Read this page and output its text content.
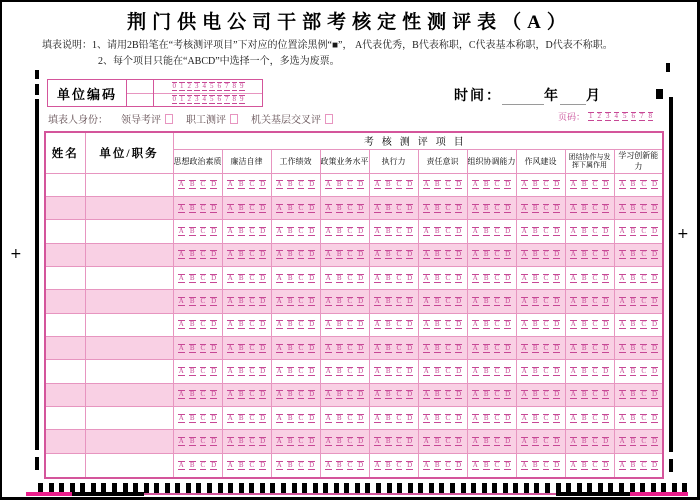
荆门供电公司干部考核定性测评表（A）
填表说明：1、请用2B铅笔在“考核测评项目”下对应的位置涂黑例“■”， A代表优秀，B代表称职，C代表基本称职，D代表不称职。
2、每个项目只能在“ABCD”中选择一个，多选为废票。
单位编码
0 1 2 3 4 5 6 7 8 9
0 1 2 3 4 5 6 7 8 9
填表人身份： 领导考评	职工测评	机关基层交叉评
时间：	年 月
页码： 1 2 3 4 5 6 7 8
姓名	单位/职务	考核测评项目									
		思想政治素质	廉洁自律	工作绩效	政策业务水平	执行力	责任意识	组织协调能力	作风建设	团结协作与发挥下属作用	学习创新能力

		A B C D	A B C D	A B C D	A B C D	A B C D	A B C D	A B C D	A B C D	A B C D	A B C D

		A B C D	A B C D	A B C D	A B C D	A B C D	A B C D	A B C D	A B C D	A B C D	A B C D

		A B C D	A B C D	A B C D	A B C D	A B C D	A B C D	A B C D	A B C D	A B C D	A B C D

		A B C D	A B C D	A B C D	A B C D	A B C D	A B C D	A B C D	A B C D	A B C D	A B C D

		A B C D	A B C D	A B C D	A B C D	A B C D	A B C D	A B C D	A B C D	A B C D	A B C D

		A B C D	A B C D	A B C D	A B C D	A B C D	A B C D	A B C D	A B C D	A B C D	A B C D

		A B C D	A B C D	A B C D	A B C D	A B C D	A B C D	A B C D	A B C D	A B C D	A B C D

		A B C D	A B C D	A B C D	A B C D	A B C D	A B C D	A B C D	A B C D	A B C D	A B C D

		A B C D	A B C D	A B C D	A B C D	A B C D	A B C D	A B C D	A B C D	A B C D	A B C D

		A B C D	A B C D	A B C D	A B C D	A B C D	A B C D	A B C D	A B C D	A B C D	A B C D

		A B C D	A B C D	A B C D	A B C D	A B C D	A B C D	A B C D	A B C D	A B C D	A B C D

		A B C D	A B C D	A B C D	A B C D	A B C D	A B C D	A B C D	A B C D	A B C D	A B C D

		A B C D	A B C D	A B C D	A B C D	A B C D	A B C D	A B C D	A B C D	A B C D	A B C D
+
+
